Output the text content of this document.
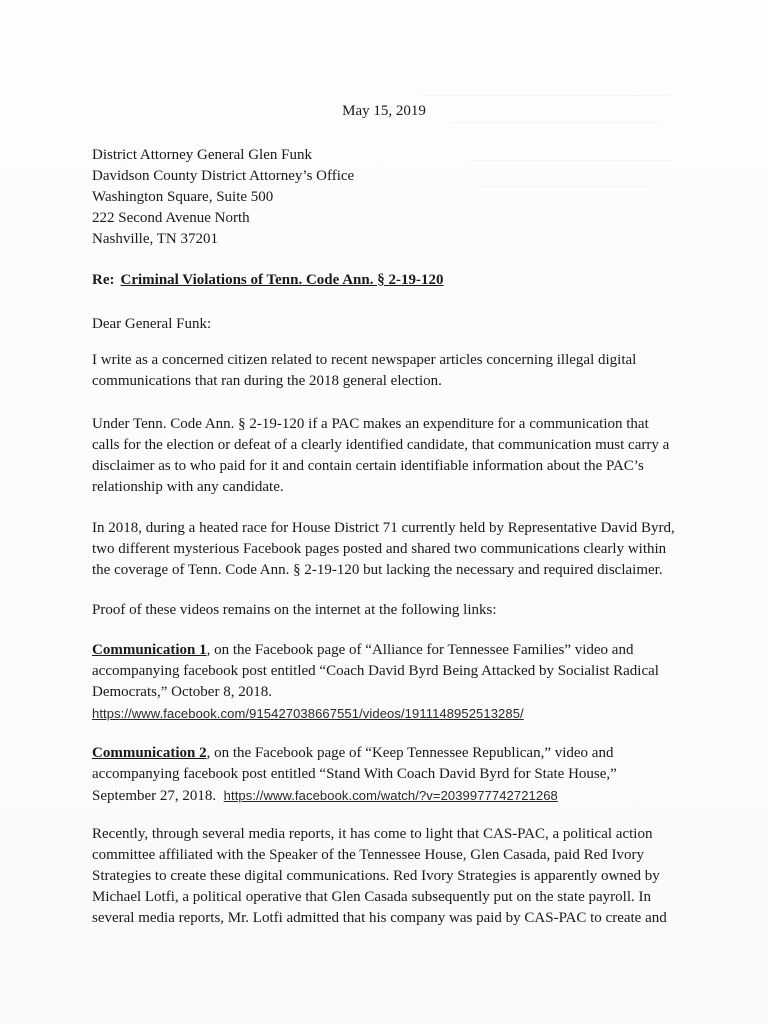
May 15, 2019
District Attorney General Glen Funk
Davidson County District Attorney’s Office
Washington Square, Suite 500
222 Second Avenue North
Nashville, TN 37201
Re: Criminal Violations of Tenn. Code Ann. § 2-19-120
Dear General Funk:
I write as a concerned citizen related to recent newspaper articles concerning illegal digital
communications that ran during the 2018 general election.
Under Tenn. Code Ann. § 2-19-120 if a PAC makes an expenditure for a communication that
calls for the election or defeat of a clearly identified candidate, that communication must carry a
disclaimer as to who paid for it and contain certain identifiable information about the PAC’s
relationship with any candidate.
In 2018, during a heated race for House District 71 currently held by Representative David Byrd,
two different mysterious Facebook pages posted and shared two communications clearly within
the coverage of Tenn. Code Ann. § 2-19-120 but lacking the necessary and required disclaimer.
Proof of these videos remains on the internet at the following links:
Communication 1, on the Facebook page of “Alliance for Tennessee Families” video and
accompanying facebook post entitled “Coach David Byrd Being Attacked by Socialist Radical
Democrats,” October 8, 2018.
https://www.facebook.com/915427038667551/videos/1911148952513285/
Communication 2, on the Facebook page of “Keep Tennessee Republican,” video and
accompanying facebook post entitled “Stand With Coach David Byrd for State House,”
September 27, 2018. https://www.facebook.com/watch/?v=2039977742721268
Recently, through several media reports, it has come to light that CAS-PAC, a political action
committee affiliated with the Speaker of the Tennessee House, Glen Casada, paid Red Ivory
Strategies to create these digital communications. Red Ivory Strategies is apparently owned by
Michael Lotfi, a political operative that Glen Casada subsequently put on the state payroll. In
several media reports, Mr. Lotfi admitted that his company was paid by CAS-PAC to create and
